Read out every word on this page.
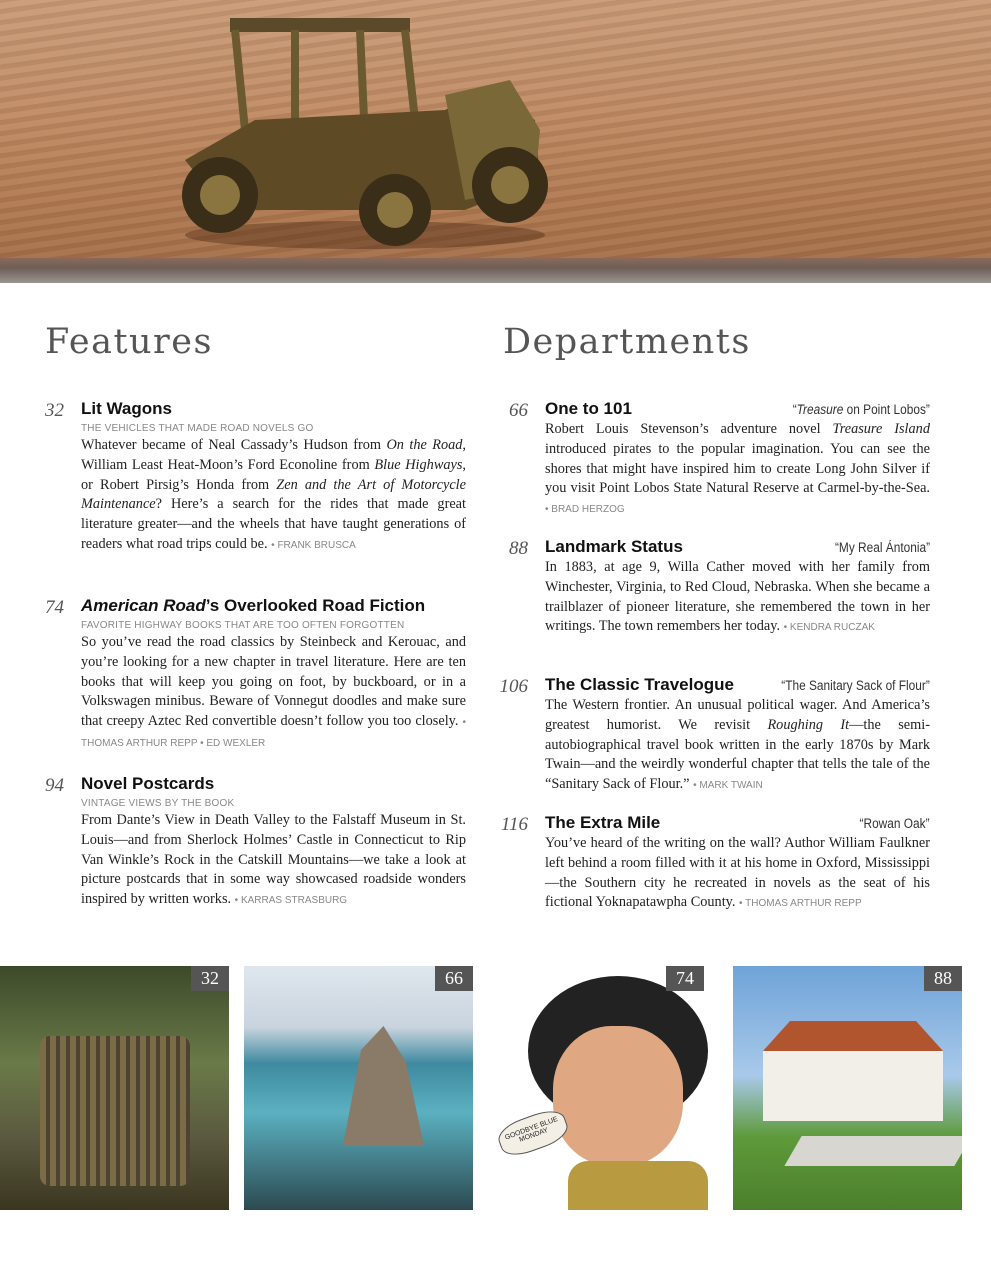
Features	Departments
32 Lit Wagons
THE VEHICLES THAT MADE ROAD NOVELS GO
Whatever became of Neal Cassady’s Hudson from On the Road, William Least Heat-Moon’s Ford Econoline from Blue Highways, or Robert Pirsig’s Honda from Zen and the Art of Motorcycle Maintenance? Here’s a search for the rides that made great literature greater—and the wheels that have taught generations of readers what road trips could be. • FRANK BRUSCA
74 American Road’s Overlooked Road Fiction
FAVORITE HIGHWAY BOOKS THAT ARE TOO OFTEN FORGOTTEN
So you’ve read the road classics by Steinbeck and Kerouac, and you’re looking for a new chapter in travel literature. Here are ten books that will keep you going on foot, by buckboard, or in a Volkswagen minibus. Beware of Vonnegut doodles and make sure that creepy Aztec Red convertible doesn’t follow you too closely. • THOMAS ARTHUR REPP • ED WEXLER
94 Novel Postcards
VINTAGE VIEWS BY THE BOOK
From Dante’s View in Death Valley to the Falstaff Museum in St. Louis—and from Sherlock Holmes’ Castle in Connecticut to Rip Van Winkle’s Rock in the Catskill Mountains—we take a look at picture postcards that in some way showcased roadside wonders inspired by written works. • KARRAS STRASBURG
66 One to 101	“Treasure on Point Lobos”
Robert Louis Stevenson’s adventure novel Treasure Island introduced pirates to the popular imagination. You can see the shores that might have inspired him to create Long John Silver if you visit Point Lobos State Natural Reserve at Carmel-by-the-Sea. • BRAD HERZOG
88 Landmark Status	“My Real Ántonia”
In 1883, at age 9, Willa Cather moved with her family from Winchester, Virginia, to Red Cloud, Nebraska. When she became a trailblazer of pioneer literature, she remembered the town in her writings. The town remembers her today. • KENDRA RUCZAK
106 The Classic Travelogue	“The Sanitary Sack of Flour”
The Western frontier. An unusual political wager. And America’s greatest humorist. We revisit Roughing It—the semi-autobiographical travel book written in the early 1870s by Mark Twain—and the weirdly wonderful chapter that tells the tale of the “Sanitary Sack of Flour.” • MARK TWAIN
116 The Extra Mile	“Rowan Oak”
You’ve heard of the writing on the wall? Author William Faulkner left behind a room filled with it at his home in Oxford, Mississippi—the Southern city he recreated in novels as the seat of his fictional Yoknapatawpha County. • THOMAS ARTHUR REPP
32	66
GOODBYE BLUE MONDAY
74	88
